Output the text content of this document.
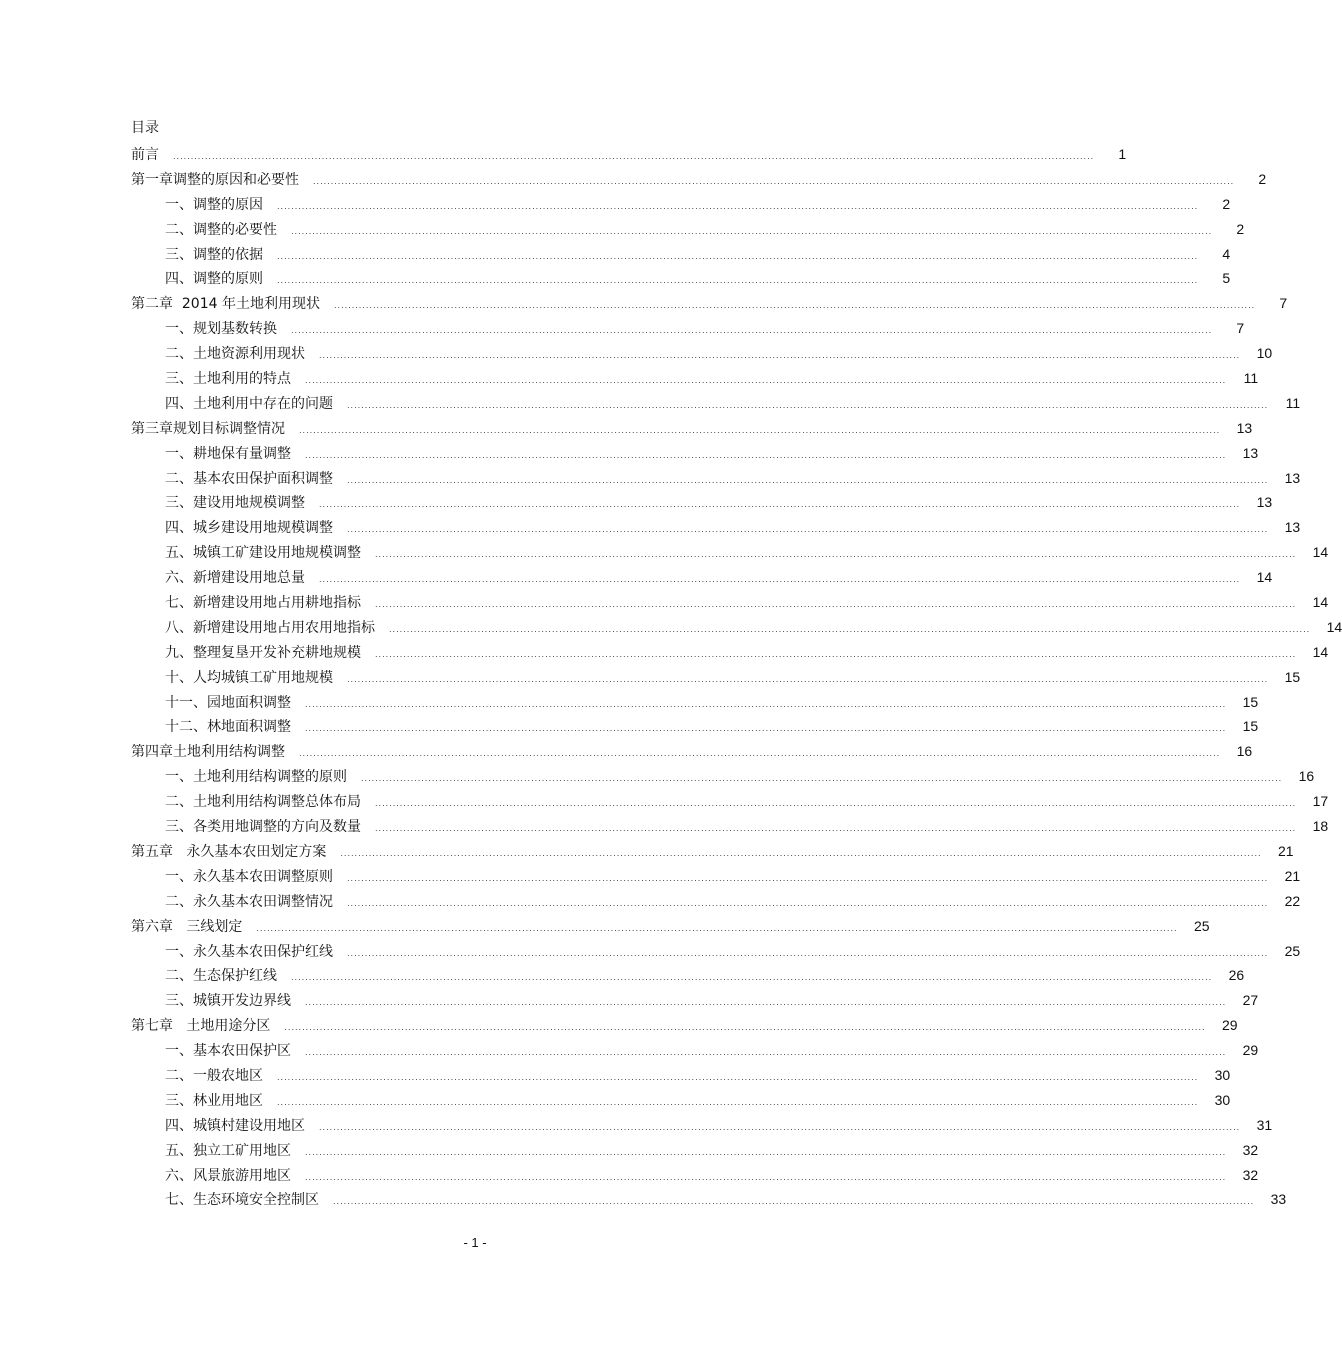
目录
前言 ....................................................................................................................................................................................................................................................................	1
第一章调整的原因和必要性 ....................................................................................................................................................................................................................................................................	2
一、调整的原因 ....................................................................................................................................................................................................................................................................	2
二、调整的必要性 ....................................................................................................................................................................................................................................................................	2
三、调整的依据 ....................................................................................................................................................................................................................................................................	4
四、调整的原则 ....................................................................................................................................................................................................................................................................	5
第二章  2014 年土地利用现状 ....................................................................................................................................................................................................................................................................	7
一、规划基数转换 ....................................................................................................................................................................................................................................................................	7
二、土地资源利用现状 ....................................................................................................................................................................................................................................................................	10
三、土地利用的特点 ....................................................................................................................................................................................................................................................................	11
四、土地利用中存在的问题 ....................................................................................................................................................................................................................................................................	11
第三章规划目标调整情况 ....................................................................................................................................................................................................................................................................	13
一、耕地保有量调整 ....................................................................................................................................................................................................................................................................	13
二、基本农田保护面积调整 ....................................................................................................................................................................................................................................................................	13
三、建设用地规模调整 ....................................................................................................................................................................................................................................................................	13
四、城乡建设用地规模调整 ....................................................................................................................................................................................................................................................................	13
五、城镇工矿建设用地规模调整 ....................................................................................................................................................................................................................................................................	14
六、新增建设用地总量 ....................................................................................................................................................................................................................................................................	14
七、新增建设用地占用耕地指标 ....................................................................................................................................................................................................................................................................	14
八、新增建设用地占用农用地指标 ....................................................................................................................................................................................................................................................................	14
九、整理复垦开发补充耕地规模 ....................................................................................................................................................................................................................................................................	14
十、人均城镇工矿用地规模 ....................................................................................................................................................................................................................................................................	15
十一、园地面积调整 ....................................................................................................................................................................................................................................................................	15
十二、林地面积调整 ....................................................................................................................................................................................................................................................................	15
第四章土地利用结构调整 ....................................................................................................................................................................................................................................................................	16
一、土地利用结构调整的原则 ....................................................................................................................................................................................................................................................................	16
二、土地利用结构调整总体布局 ....................................................................................................................................................................................................................................................................	17
三、各类用地调整的方向及数量 ....................................................................................................................................................................................................................................................................	18
第五章   永久基本农田划定方案 ....................................................................................................................................................................................................................................................................	21
一、永久基本农田调整原则 ....................................................................................................................................................................................................................................................................	21
二、永久基本农田调整情况 ....................................................................................................................................................................................................................................................................	22
第六章   三线划定 ....................................................................................................................................................................................................................................................................	25
一、永久基本农田保护红线 ....................................................................................................................................................................................................................................................................	25
二、生态保护红线 ....................................................................................................................................................................................................................................................................	26
三、城镇开发边界线 ....................................................................................................................................................................................................................................................................	27
第七章   土地用途分区 ....................................................................................................................................................................................................................................................................	29
一、基本农田保护区 ....................................................................................................................................................................................................................................................................	29
二、一般农地区 ....................................................................................................................................................................................................................................................................	30
三、林业用地区 ....................................................................................................................................................................................................................................................................	30
四、城镇村建设用地区 ....................................................................................................................................................................................................................................................................	31
五、独立工矿用地区 ....................................................................................................................................................................................................................................................................	32
六、风景旅游用地区 ....................................................................................................................................................................................................................................................................	32
七、生态环境安全控制区 ....................................................................................................................................................................................................................................................................	33
- 1 -
